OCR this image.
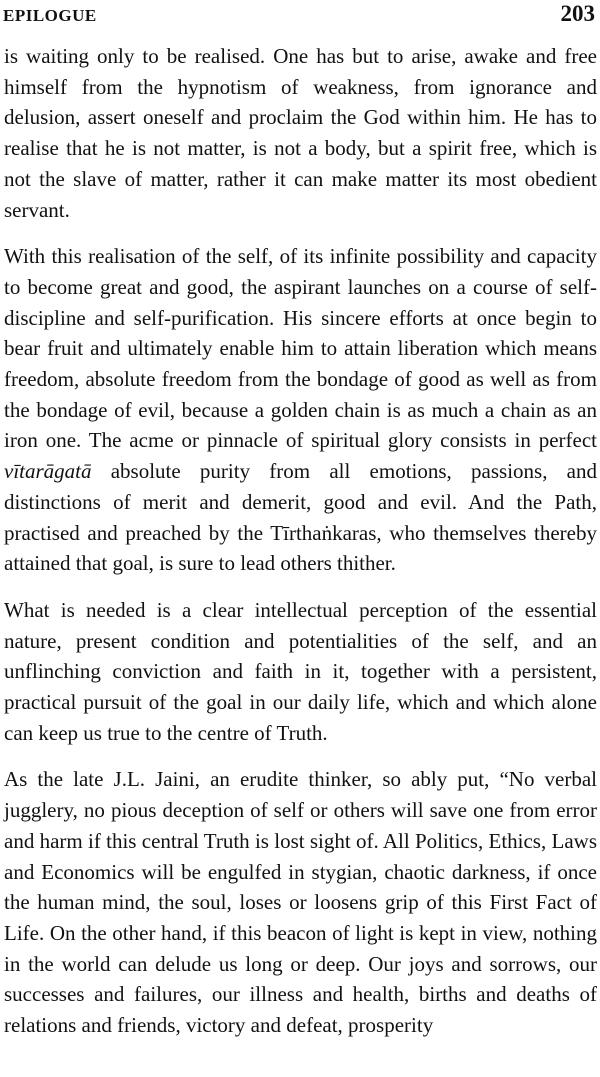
EPILOGUE	203

is waiting only to be realised. One has but to arise, awake and free himself from the hypnotism of weakness, from ignorance and delusion, assert oneself and proclaim the God within him. He has to realise that he is not matter, is not a body, but a spirit free, which is not the slave of matter, rather it can make matter its most obedient servant.

With this realisation of the self, of its infinite possibility and capacity to become great and good, the aspirant launches on a course of self-discipline and self-purification. His sincere efforts at once begin to bear fruit and ultimately enable him to attain liberation which means freedom, absolute freedom from the bondage of good as well as from the bondage of evil, because a golden chain is as much a chain as an iron one. The acme or pinnacle of spiritual glory consists in perfect vītarāgatā absolute purity from all emotions, passions, and distinctions of merit and demerit, good and evil. And the Path, practised and preached by the Tīrthaṅkaras, who themselves thereby attained that goal, is sure to lead others thither.

What is needed is a clear intellectual perception of the essential nature, present condition and potentialities of the self, and an unflinching conviction and faith in it, together with a persistent, practical pursuit of the goal in our daily life, which and which alone can keep us true to the centre of Truth.

As the late J.L. Jaini, an erudite thinker, so ably put, “No verbal jugglery, no pious deception of self or others will save one from error and harm if this central Truth is lost sight of. All Politics, Ethics, Laws and Economics will be engulfed in stygian, chaotic darkness, if once the human mind, the soul, loses or loosens grip of this First Fact of Life. On the other hand, if this beacon of light is kept in view, nothing in the world can delude us long or deep. Our joys and sorrows, our successes and failures, our illness and health, births and deaths of relations and friends, victory and defeat, prosperity
